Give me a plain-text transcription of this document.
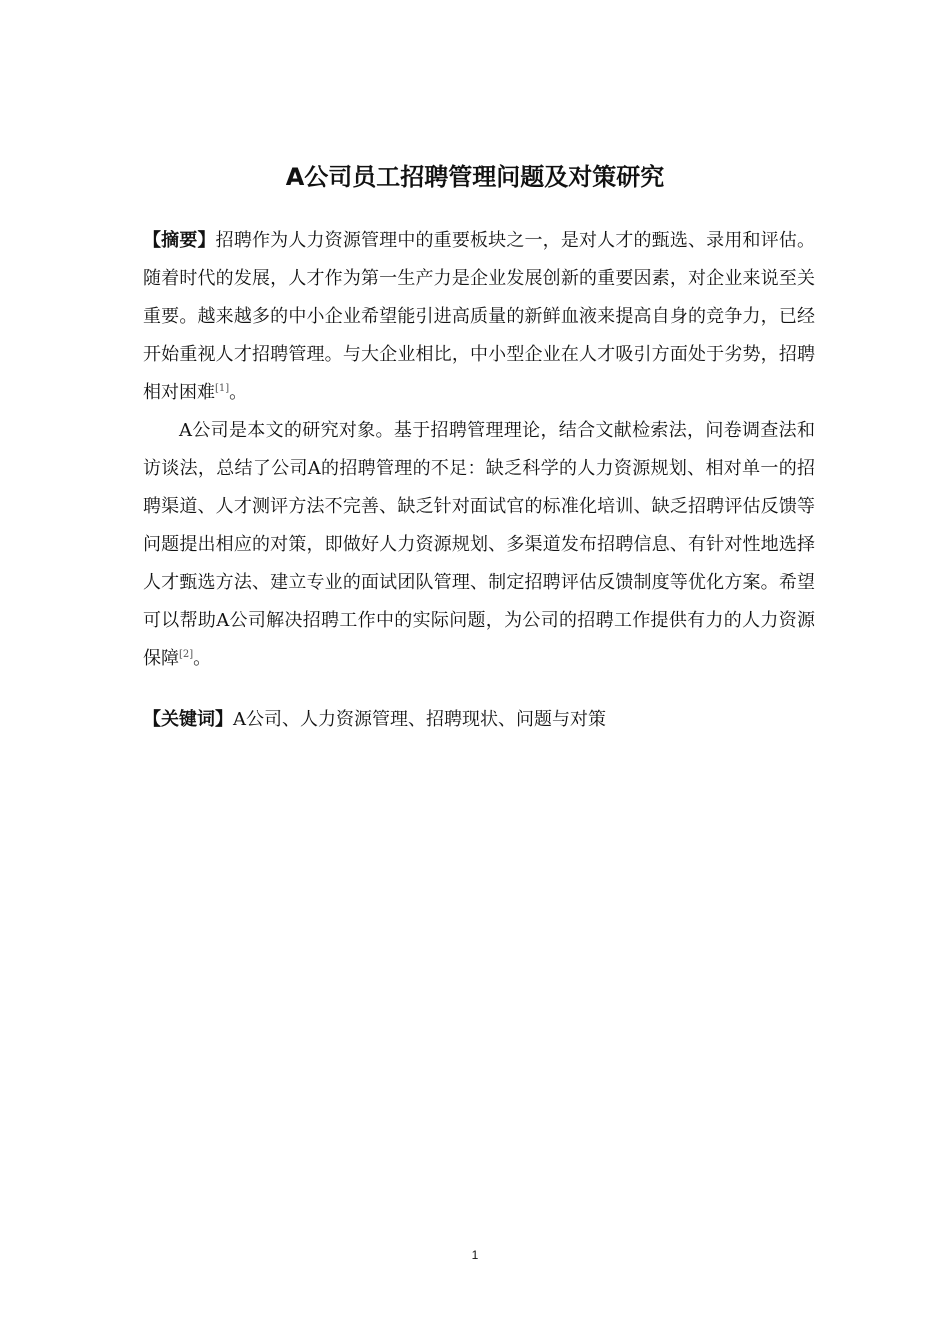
A公司员工招聘管理问题及对策研究

【摘要】招聘作为人力资源管理中的重要板块之一，是对人才的甄选、录用和评估。随着时代的发展，人才作为第一生产力是企业发展创新的重要因素，对企业来说至关重要。越来越多的中小企业希望能引进高质量的新鲜血液来提高自身的竞争力，已经开始重视人才招聘管理。与大企业相比，中小型企业在人才吸引方面处于劣势，招聘相对困难[1]。

A公司是本文的研究对象。基于招聘管理理论，结合文献检索法，问卷调查法和访谈法，总结了公司A的招聘管理的不足：缺乏科学的人力资源规划、相对单一的招聘渠道、人才测评方法不完善、缺乏针对面试官的标准化培训、缺乏招聘评估反馈等问题提出相应的对策，即做好人力资源规划、多渠道发布招聘信息、有针对性地选择人才甄选方法、建立专业的面试团队管理、制定招聘评估反馈制度等优化方案。希望可以帮助A公司解决招聘工作中的实际问题，为公司的招聘工作提供有力的人力资源保障[2]。

【关键词】A公司、人力资源管理、招聘现状、问题与对策

1
